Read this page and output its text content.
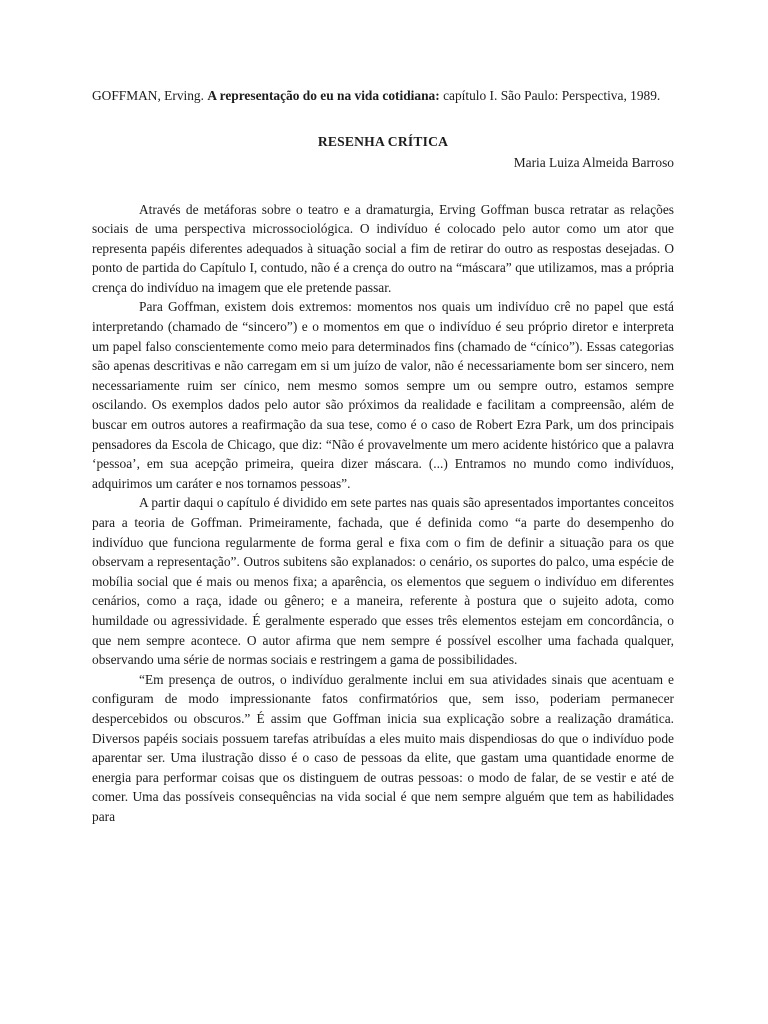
GOFFMAN, Erving. A representação do eu na vida cotidiana: capítulo I. São Paulo: Perspectiva, 1989.

RESENHA CRÍTICA

Maria Luiza Almeida Barroso

Através de metáforas sobre o teatro e a dramaturgia, Erving Goffman busca retratar as relações sociais de uma perspectiva microssociológica. O indivíduo é colocado pelo autor como um ator que representa papéis diferentes adequados à situação social a fim de retirar do outro as respostas desejadas. O ponto de partida do Capítulo I, contudo, não é a crença do outro na “máscara” que utilizamos, mas a própria crença do indivíduo na imagem que ele pretende passar.

Para Goffman, existem dois extremos: momentos nos quais um indivíduo crê no papel que está interpretando (chamado de “sincero”) e o momentos em que o indivíduo é seu próprio diretor e interpreta um papel falso conscientemente como meio para determinados fins (chamado de “cínico”). Essas categorias são apenas descritivas e não carregam em si um juízo de valor, não é necessariamente bom ser sincero, nem necessariamente ruim ser cínico, nem mesmo somos sempre um ou sempre outro, estamos sempre oscilando. Os exemplos dados pelo autor são próximos da realidade e facilitam a compreensão, além de buscar em outros autores a reafirmação da sua tese, como é o caso de Robert Ezra Park, um dos principais pensadores da Escola de Chicago, que diz: “Não é provavelmente um mero acidente histórico que a palavra ‘pessoa’, em sua acepção primeira, queira dizer máscara. (...) Entramos no mundo como indivíduos, adquirimos um caráter e nos tornamos pessoas”.

A partir daqui o capítulo é dividido em sete partes nas quais são apresentados importantes conceitos para a teoria de Goffman. Primeiramente, fachada, que é definida como “a parte do desempenho do indivíduo que funciona regularmente de forma geral e fixa com o fim de definir a situação para os que observam a representação”. Outros subitens são explanados: o cenário, os suportes do palco, uma espécie de mobília social que é mais ou menos fixa; a aparência, os elementos que seguem o indivíduo em diferentes cenários, como a raça, idade ou gênero; e a maneira, referente à postura que o sujeito adota, como humildade ou agressividade. É geralmente esperado que esses três elementos estejam em concordância, o que nem sempre acontece. O autor afirma que nem sempre é possível escolher uma fachada qualquer, observando uma série de normas sociais e restringem a gama de possibilidades.

“Em presença de outros, o indivíduo geralmente inclui em sua atividades sinais que acentuam e configuram de modo impressionante fatos confirmatórios que, sem isso, poderiam permanecer despercebidos ou obscuros.” É assim que Goffman inicia sua explicação sobre a realização dramática. Diversos papéis sociais possuem tarefas atribuídas a eles muito mais dispendiosas do que o indivíduo pode aparentar ser. Uma ilustração disso é o caso de pessoas da elite, que gastam uma quantidade enorme de energia para performar coisas que os distinguem de outras pessoas: o modo de falar, de se vestir e até de comer. Uma das possíveis consequências na vida social é que nem sempre alguém que tem as habilidades para
